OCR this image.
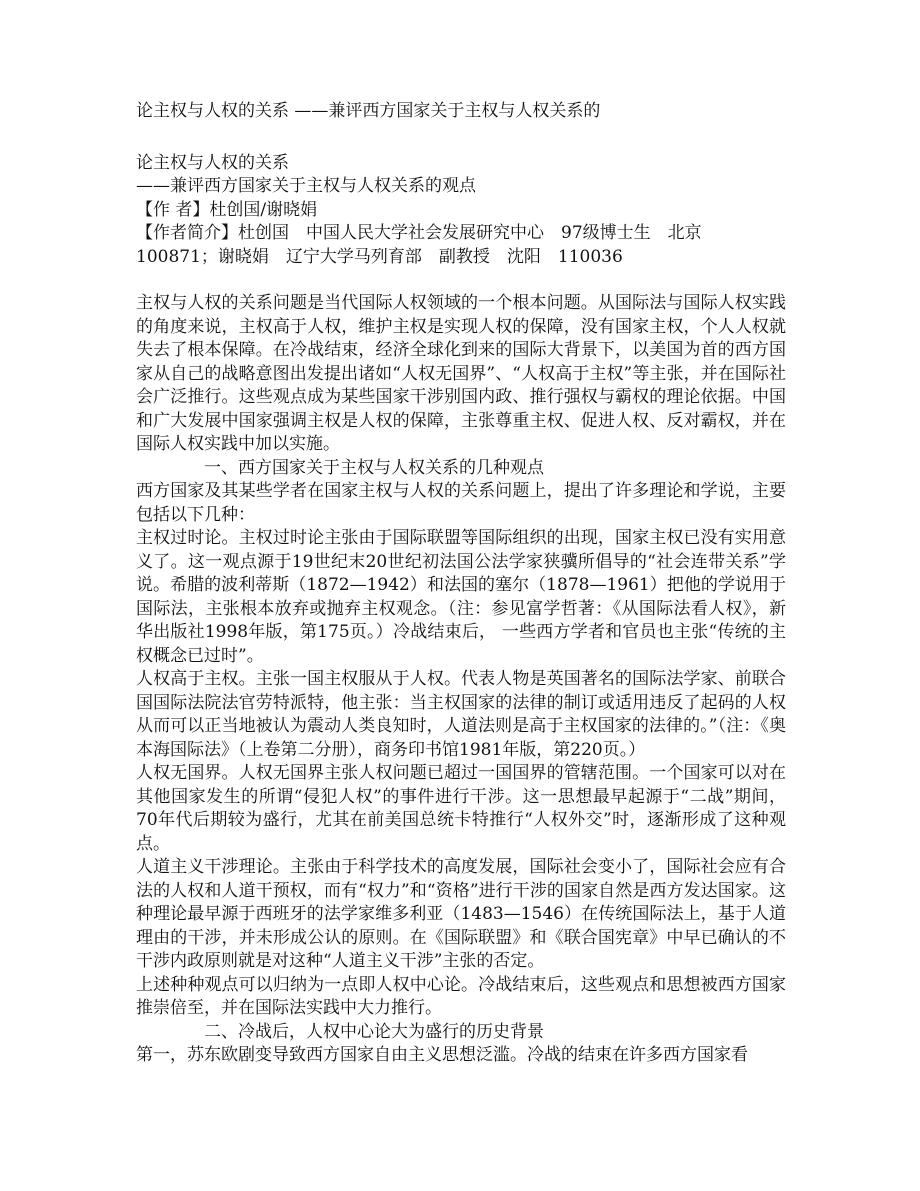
论主权与人权的关系 ——兼评西方国家关于主权与人权关系的

论主权与人权的关系

——兼评西方国家关于主权与人权关系的观点

【作 者】杜创国/谢晓娟

【作者简介】杜创国　中国人民大学社会发展研究中心　97级博士生　北京

100871；谢晓娟　辽宁大学马列育部　副教授　沈阳　110036

主权与人权的关系问题是当代国际人权领域的一个根本问题。从国际法与国际人权实践的角度来说，主权高于人权，维护主权是实现人权的保障，没有国家主权，个人人权就失去了根本保障。在冷战结束，经济全球化到来的国际大背景下，以美国为首的西方国家从自己的战略意图出发提出诸如“人权无国界”、“人权高于主权”等主张，并在国际社会广泛推行。这些观点成为某些国家干涉别国内政、推行强权与霸权的理论依据。中国和广大发展中国家强调主权是人权的保障，主张尊重主权、促进人权、反对霸权，并在国际人权实践中加以实施。

一、西方国家关于主权与人权关系的几种观点

西方国家及其某些学者在国家主权与人权的关系问题上，提出了许多理论和学说，主要包括以下几种：

主权过时论。主权过时论主张由于国际联盟等国际组织的出现，国家主权已没有实用意义了。这一观点源于19世纪末20世纪初法国公法学家狭骥所倡导的“社会连带关系”学说。希腊的波利蒂斯（1872—1942）和法国的塞尔（1878—1961）把他的学说用于国际法，主张根本放弃或抛弃主权观念。（注：参见富学哲著：《从国际法看人权》，新华出版社1998年版，第175页。）冷战结束后， 一些西方学者和官员也主张“传统的主权概念已过时”。

人权高于主权。主张一国主权服从于人权。代表人物是英国著名的国际法学家、前联合国国际法院法官劳特派特，他主张：当主权国家的法律的制订或适用违反了起码的人权从而可以正当地被认为震动人类良知时，人道法则是高于主权国家的法律的。”（注：《奥本海国际法》（上卷第二分册），商务印书馆1981年版，第220页。）

人权无国界。人权无国界主张人权问题已超过一国国界的管辖范围。一个国家可以对在其他国家发生的所谓“侵犯人权”的事件进行干涉。这一思想最早起源于“二战”期间，70年代后期较为盛行，尤其在前美国总统卡特推行“人权外交”时，逐渐形成了这种观点。

人道主义干涉理论。主张由于科学技术的高度发展，国际社会变小了，国际社会应有合法的人权和人道干预权，而有“权力”和“资格”进行干涉的国家自然是西方发达国家。这种理论最早源于西班牙的法学家维多利亚（1483—1546）在传统国际法上，基于人道理由的干涉，并未形成公认的原则。在《国际联盟》和《联合国宪章》中早已确认的不干涉内政原则就是对这种“人道主义干涉”主张的否定。

上述种种观点可以归纳为一点即人权中心论。冷战结束后，这些观点和思想被西方国家推崇倍至，并在国际法实践中大力推行。

二、冷战后，人权中心论大为盛行的历史背景

第一，苏东欧剧变导致西方国家自由主义思想泛滥。冷战的结束在许多西方国家看
